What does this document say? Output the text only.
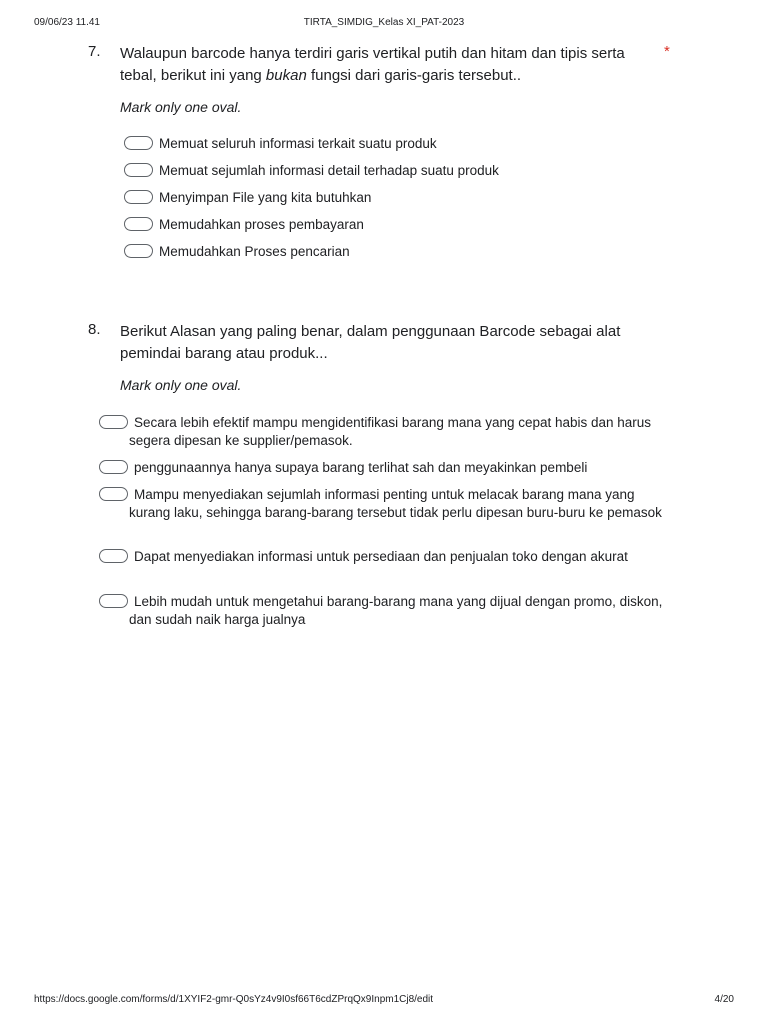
09/06/23 11.41	TIRTA_SIMDIG_Kelas XI_PAT-2023
7. Walaupun barcode hanya terdiri garis vertikal putih dan hitam dan tipis serta tebal, berikut ini yang bukan fungsi dari garis-garis tersebut..
*
Mark only one oval.
Memuat seluruh informasi terkait suatu produk
Memuat sejumlah informasi detail terhadap suatu produk
Menyimpan File yang kita butuhkan
Memudahkan proses pembayaran
Memudahkan Proses pencarian
8. Berikut Alasan yang paling benar, dalam penggunaan Barcode sebagai alat pemindai barang atau produk...
Mark only one oval.
Secara lebih efektif mampu mengidentifikasi barang mana yang cepat habis dan harus segera dipesan ke supplier/pemasok.
penggunaannya hanya supaya barang terlihat sah dan meyakinkan pembeli
Mampu menyediakan sejumlah informasi penting untuk melacak barang mana yang kurang laku, sehingga barang-barang tersebut tidak perlu dipesan buru-buru ke pemasok
Dapat menyediakan informasi untuk persediaan dan penjualan toko dengan akurat
Lebih mudah untuk mengetahui barang-barang mana yang dijual dengan promo, diskon, dan sudah naik harga jualnya
https://docs.google.com/forms/d/1XYIF2-gmr-Q0sYz4v9I0sf66T6cdZPrqQx9Inpm1Cj8/edit	4/20
